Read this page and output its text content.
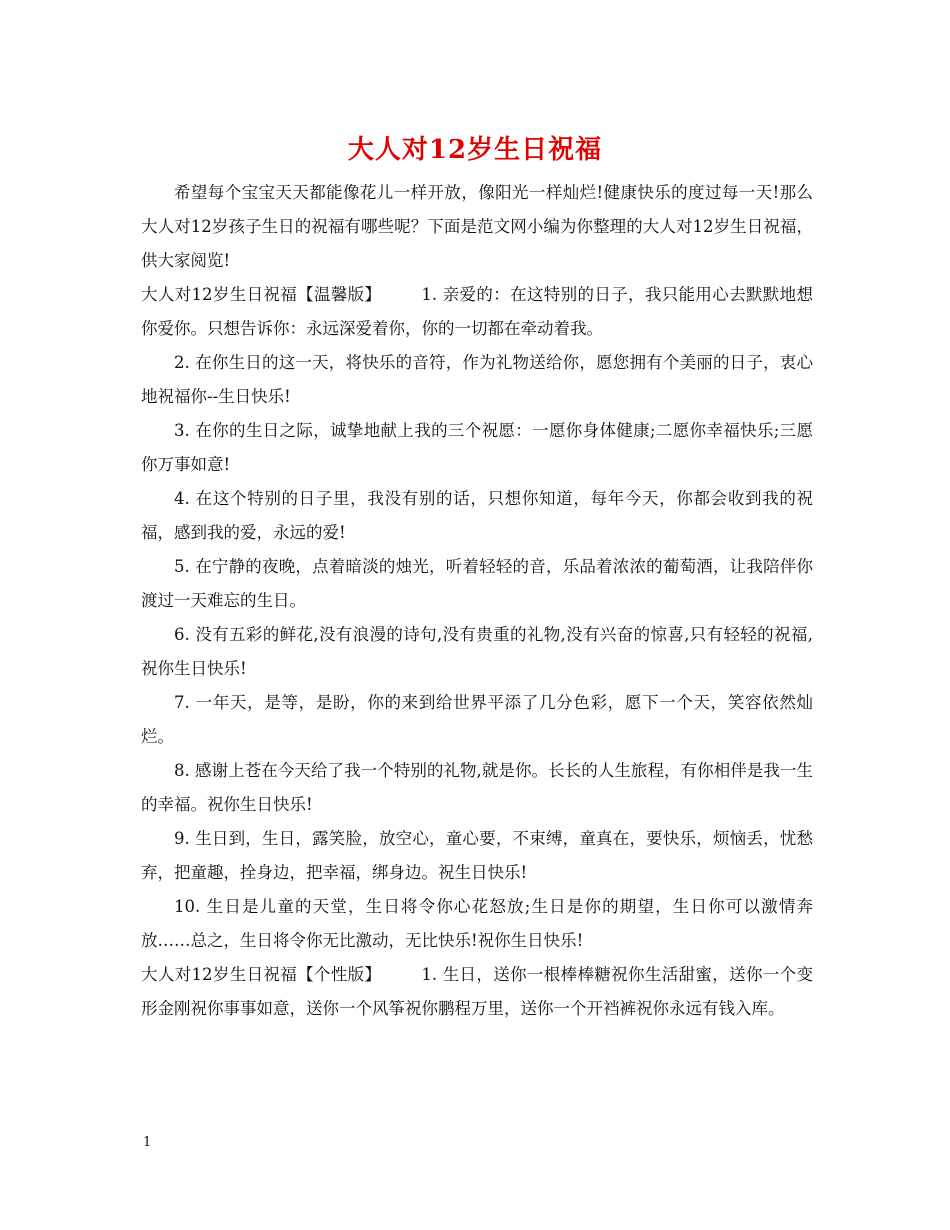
大人对12岁生日祝福

希望每个宝宝天天都能像花儿一样开放，像阳光一样灿烂!健康快乐的度过每一天!那么大人对12岁孩子生日的祝福有哪些呢？下面是范文网小编为你整理的大人对12岁生日祝福，供大家阅览!

大人对12岁生日祝福【温馨版】 1. 亲爱的：在这特别的日子，我只能用心去默默地想你爱你。只想告诉你：永远深爱着你，你的一切都在牵动着我。

2. 在你生日的这一天，将快乐的音符，作为礼物送给你，愿您拥有个美丽的日子，衷心地祝福你--生日快乐!

3. 在你的生日之际，诚挚地献上我的三个祝愿：一愿你身体健康;二愿你幸福快乐;三愿你万事如意!

4. 在这个特别的日子里，我没有别的话，只想你知道，每年今天，你都会收到我的祝福，感到我的爱，永远的爱!

5. 在宁静的夜晚，点着暗淡的烛光，听着轻轻的音，乐品着浓浓的葡萄酒，让我陪伴你渡过一天难忘的生日。

6. 没有五彩的鲜花,没有浪漫的诗句,没有贵重的礼物,没有兴奋的惊喜,只有轻轻的祝福,祝你生日快乐!

7. 一年天，是等，是盼，你的来到给世界平添了几分色彩，愿下一个天，笑容依然灿烂。

8. 感谢上苍在今天给了我一个特别的礼物,就是你。长长的人生旅程，有你相伴是我一生的幸福。祝你生日快乐!

9. 生日到，生日，露笑脸，放空心，童心要，不束缚，童真在，要快乐，烦恼丢，忧愁弃，把童趣，拴身边，把幸福，绑身边。祝生日快乐!

10. 生日是儿童的天堂，生日将令你心花怒放;生日是你的期望，生日你可以激情奔放……总之，生日将令你无比激动，无比快乐!祝你生日快乐!

大人对12岁生日祝福【个性版】 1. 生日，送你一根棒棒糖祝你生活甜蜜，送你一个变形金刚祝你事事如意，送你一个风筝祝你鹏程万里，送你一个开裆裤祝你永远有钱入库。

1
